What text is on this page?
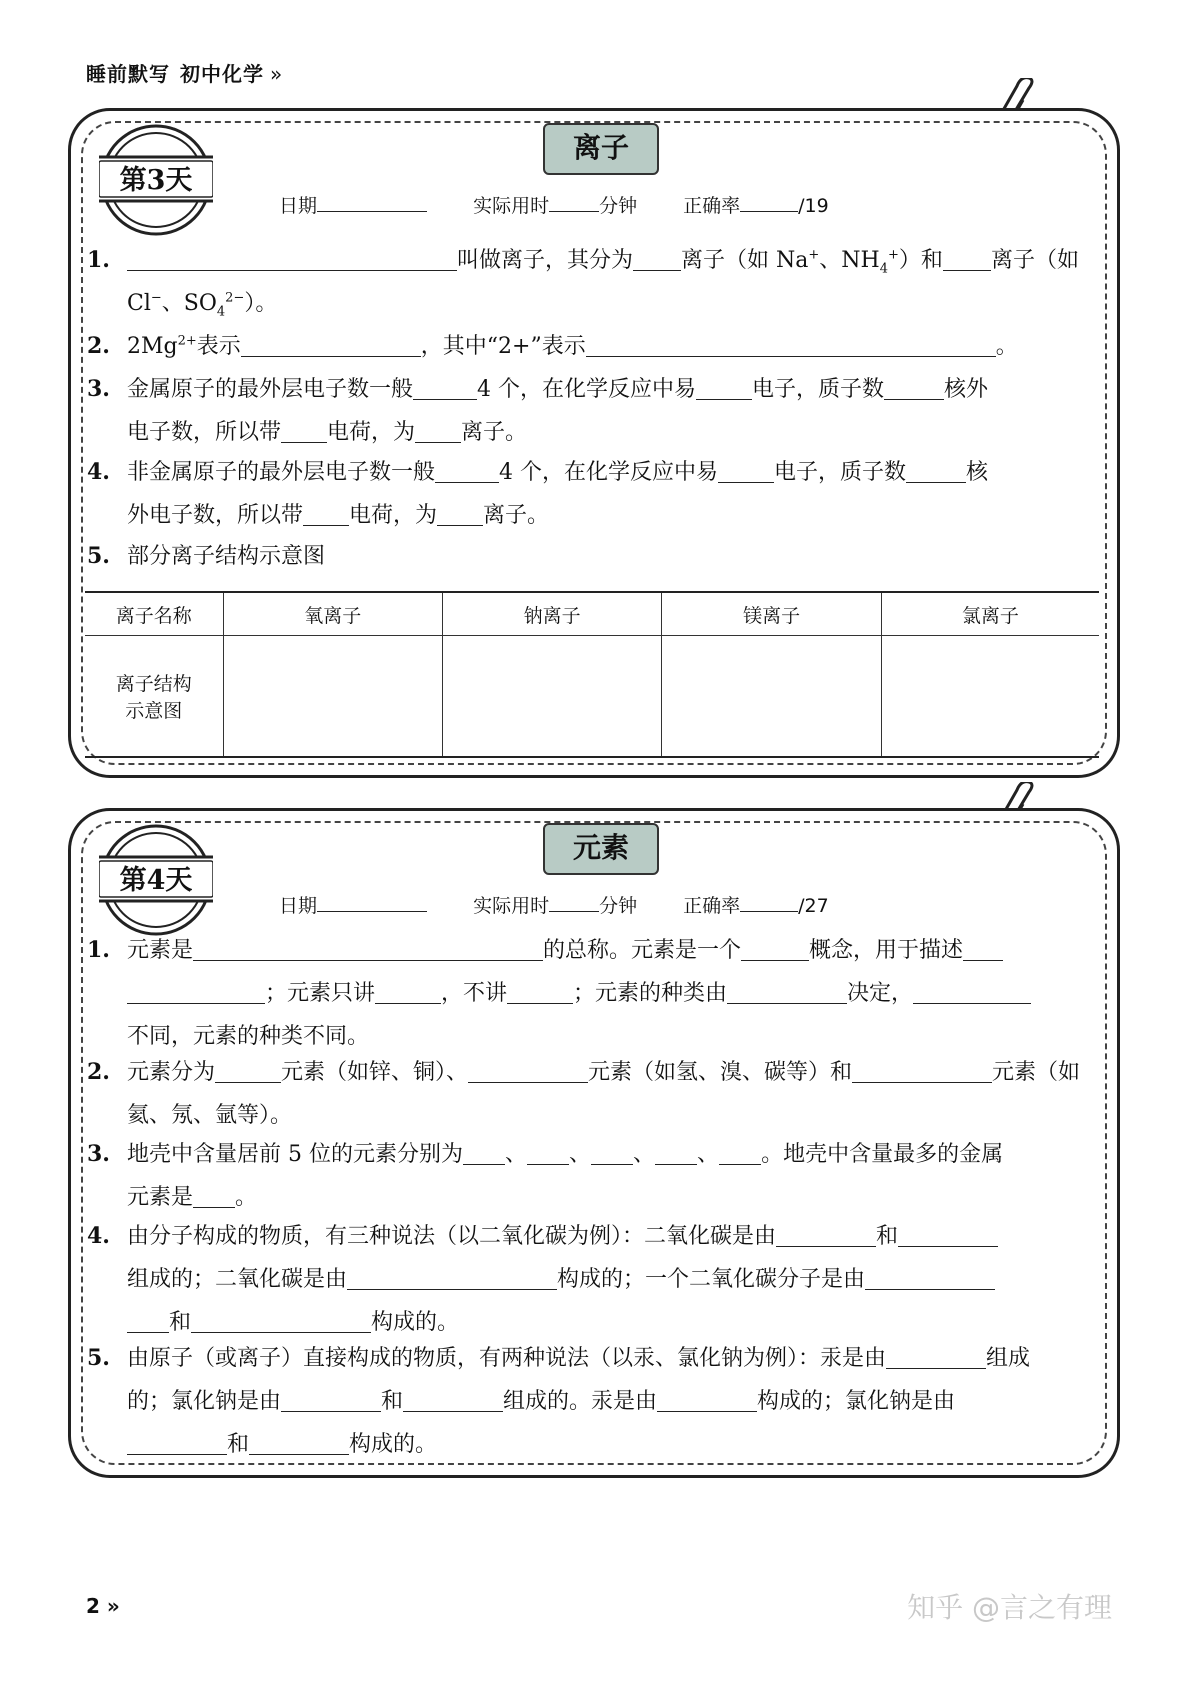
睡前默写 初中化学 »
第3天
离子
日期	实际用时	分钟 正确率	/19
1.	叫做离子，其分为 离子（如 Na+、$NH_4^+$）和 离子（如
Cl−、$SO_4^{2-}$）。
2. $2Mg^{2+}$表示	，其中“2+”表示	。
3. 金属原子的最外层电子数一般	4 个，在化学反应中易	电子，质子数	核外
电子数，所以带 电荷，为 离子。
4. 非金属原子的最外层电子数一般	4 个，在化学反应中易	电子，质子数	核
外电子数，所以带 电荷，为 离子。
5. 部分离子结构示意图
离子名称	氧离子	钠离子	镁离子	氯离子
离子结构
示意图				
第4天
元素
日期	实际用时	分钟 正确率	/27
1. 元素是	的总称。元素是一个	概念，用于描述
；元素只讲	，不讲	；元素的种类由	决定，
不同，元素的种类不同。
2. 元素分为	元素（如锌、铜）、	元素（如氢、溴、碳等）和	元素（如
氦、氖、氩等）。
3. 地壳中含量居前 5 位的元素分别为 、 、 、 、 。地壳中含量最多的金属
元素是 。
4. 由分子构成的物质，有三种说法（以二氧化碳为例）：二氧化碳是由	和
组成的；二氧化碳是由	构成的；一个二氧化碳分子是由
和	构成的。
5. 由原子（或离子）直接构成的物质，有两种说法（以汞、氯化钠为例）：汞是由	组成
的；氯化钠是由	和	组成的。汞是由	构成的；氯化钠是由
和	构成的。
2 »	知乎 @言之有理
